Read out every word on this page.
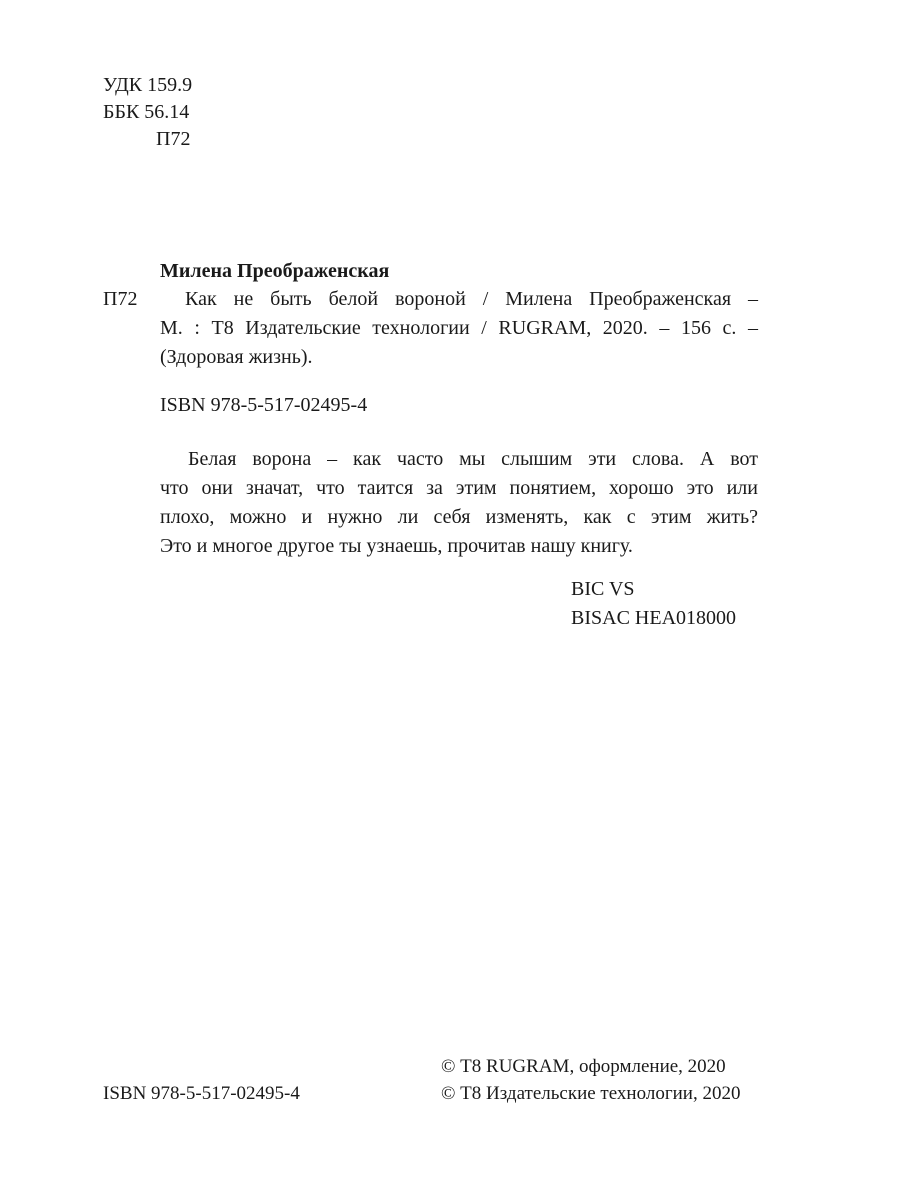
УДК 159.9
ББК 56.14
П72
Милена Преображенская
П72	Как не быть белой вороной / Милена Преображенская –
М. : Т8 Издательские технологии / RUGRAM, 2020. – 156 с. –
(Здоровая жизнь).
ISBN 978-5-517-02495-4
Белая ворона – как часто мы слышим эти слова. А вот
что они значат, что таится за этим понятием, хорошо это или
плохо, можно и нужно ли себя изменять, как с этим жить?
Это и многое другое ты узнаешь, прочитав нашу книгу.
BIC VS
BISAC HEA018000
ISBN 978-5-517-02495-4
© Т8 RUGRAM, оформление, 2020
© Т8 Издательские технологии, 2020
